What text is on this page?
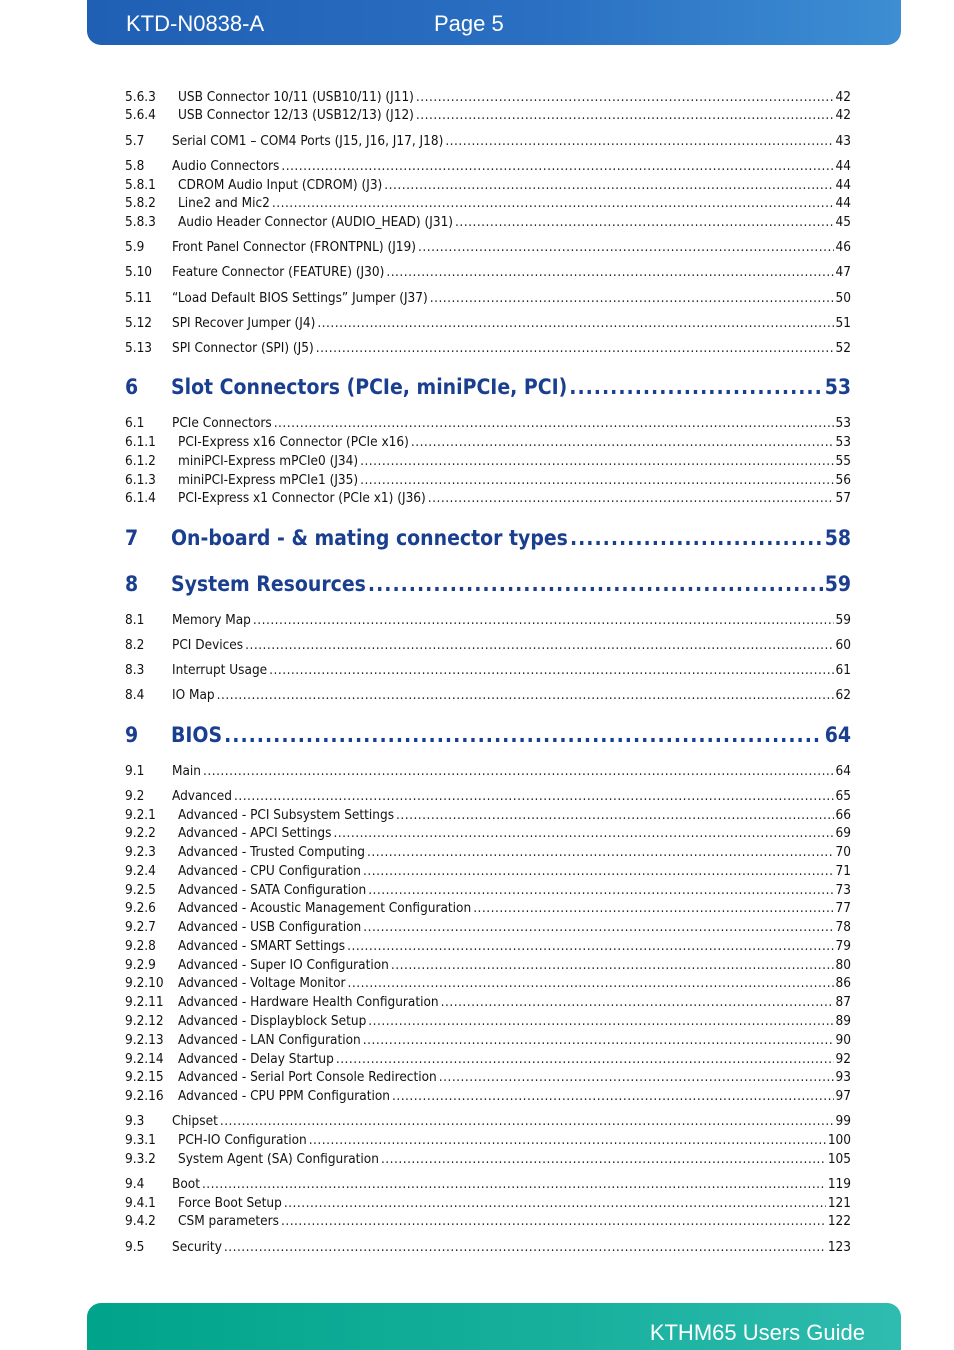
KTD-N0838-A	Page 5
5.6.3	USB Connector 10/11 (USB10/11) (J11) .....	42
5.6.4	USB Connector 12/13 (USB12/13) (J12) .....	42
5.7	Serial COM1 – COM4 Ports (J15, J16, J17, J18) .....	43
5.8	Audio Connectors .....	44
5.8.1	CDROM Audio Input (CDROM) (J3) .....	44
5.8.2	Line2 and Mic2 .....	44
5.8.3	Audio Header Connector (AUDIO_HEAD) (J31) .....	45
5.9	Front Panel Connector (FRONTPNL) (J19) .....	46
5.10	Feature Connector (FEATURE) (J30) .....	47
5.11	“Load Default BIOS Settings” Jumper (J37) .....	50
5.12	SPI Recover Jumper (J4) .....	51
5.13	SPI Connector (SPI) (J5) .....	52
6	Slot Connectors (PCIe, miniPCIe, PCI) .....	53
6.1	PCIe Connectors .....	53
6.1.1	PCI-Express x16 Connector (PCIe x16) .....	53
6.1.2	miniPCI-Express mPCIe0 (J34) .....	55
6.1.3	miniPCI-Express mPCIe1 (J35) .....	56
6.1.4	PCI-Express x1 Connector (PCIe x1) (J36) .....	57
7	On-board - & mating connector types .....	58
8	System Resources .....	59
8.1	Memory Map .....	59
8.2	PCI Devices .....	60
8.3	Interrupt Usage .....	61
8.4	IO Map .....	62
9	BIOS .....	64
9.1	Main .....	64
9.2	Advanced .....	65
9.2.1	Advanced - PCI Subsystem Settings .....	66
9.2.2	Advanced - APCI Settings .....	69
9.2.3	Advanced - Trusted Computing .....	70
9.2.4	Advanced - CPU Configuration .....	71
9.2.5	Advanced - SATA Configuration .....	73
9.2.6	Advanced - Acoustic Management Configuration .....	77
9.2.7	Advanced - USB Configuration .....	78
9.2.8	Advanced - SMART Settings .....	79
9.2.9	Advanced - Super IO Configuration .....	80
9.2.10	Advanced - Voltage Monitor .....	86
9.2.11	Advanced - Hardware Health Configuration .....	87
9.2.12	Advanced - Displayblock Setup .....	89
9.2.13	Advanced - LAN Configuration .....	90
9.2.14	Advanced - Delay Startup .....	92
9.2.15	Advanced - Serial Port Console Redirection .....	93
9.2.16	Advanced - CPU PPM Configuration .....	97
9.3	Chipset .....	99
9.3.1	PCH-IO Configuration .....	100
9.3.2	System Agent (SA) Configuration .....	105
9.4	Boot .....	119
9.4.1	Force Boot Setup .....	121
9.4.2	CSM parameters .....	122
9.5	Security .....	123
KTHM65 Users Guide
